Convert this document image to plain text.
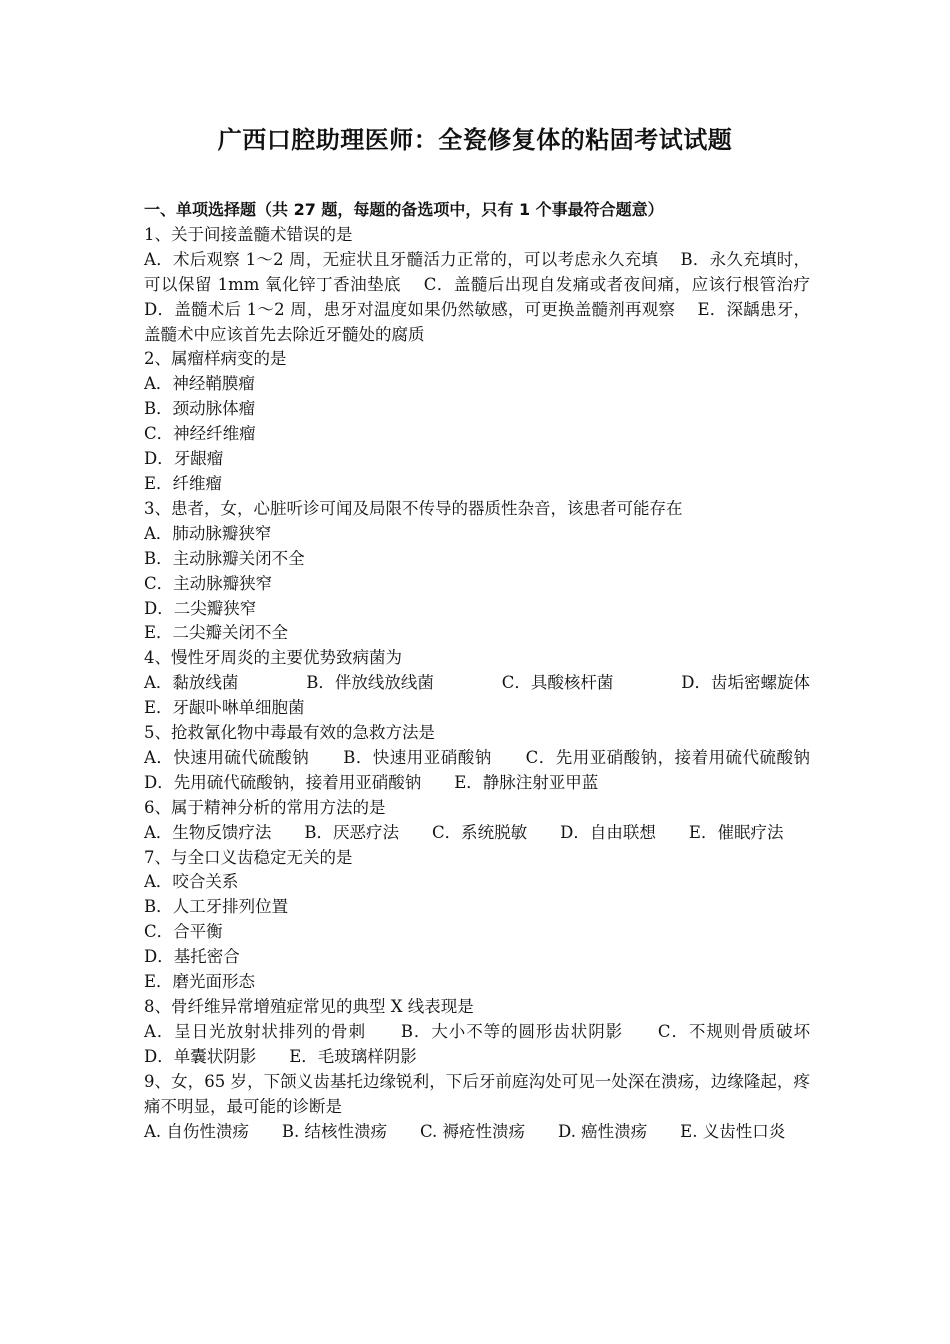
广西口腔助理医师：全瓷修复体的粘固考试试题
一、单项选择题（共 27 题，每题的备选项中，只有 1 个事最符合题意）
1、关于间接盖髓术错误的是
A．术后观察 1～2 周，无症状且牙髓活力正常的，可以考虑永久充填　 B．永久充填时，可以保留 1mm 氧化锌丁香油垫底　 C．盖髓后出现自发痛或者夜间痛，应该行根管治疗　 D．盖髓术后 1～2 周，患牙对温度如果仍然敏感，可更换盖髓剂再观察　 E．深龋患牙，盖髓术中应该首先去除近牙髓处的腐质
2、属瘤样病变的是
A．神经鞘膜瘤
B．颈动脉体瘤
C．神经纤维瘤
D．牙龈瘤
E．纤维瘤
3、患者，女，心脏听诊可闻及局限不传导的器质性杂音，该患者可能存在
A．肺动脉瓣狭窄
B．主动脉瓣关闭不全
C．主动脉瓣狭窄
D．二尖瓣狭窄
E．二尖瓣关闭不全
4、慢性牙周炎的主要优势致病菌为
A．黏放线菌	B．伴放线放线菌	C．具酸核杆菌	D．齿垢密螺旋体
E．牙龈卟啉单细胞菌
5、抢救氰化物中毒最有效的急救方法是
A．快速用硫代硫酸钠　　B．快速用亚硝酸钠　　C．先用亚硝酸钠，接着用硫代硫酸钠　　D．先用硫代硫酸钠，接着用亚硝酸钠　　E．静脉注射亚甲蓝
6、属于精神分析的常用方法的是
A．生物反馈疗法　　B．厌恶疗法　　C．系统脱敏　　D．自由联想　　E．催眠疗法
7、与全口义齿稳定无关的是
A．咬合关系
B．人工牙排列位置
C．合平衡
D．基托密合
E．磨光面形态
8、骨纤维异常增殖症常见的典型 X 线表现是
A．呈日光放射状排列的骨刺　　B．大小不等的圆形齿状阴影　　C．不规则骨质破坏　　D．单囊状阴影　　E．毛玻璃样阴影
9、女，65 岁，下颌义齿基托边缘锐利，下后牙前庭沟处可见一处深在溃疡，边缘隆起，疼痛不明显，最可能的诊断是
A. 自伤性溃疡　　B. 结核性溃疡　　C. 褥疮性溃疡　　D. 癌性溃疡　　E. 义齿性口炎
